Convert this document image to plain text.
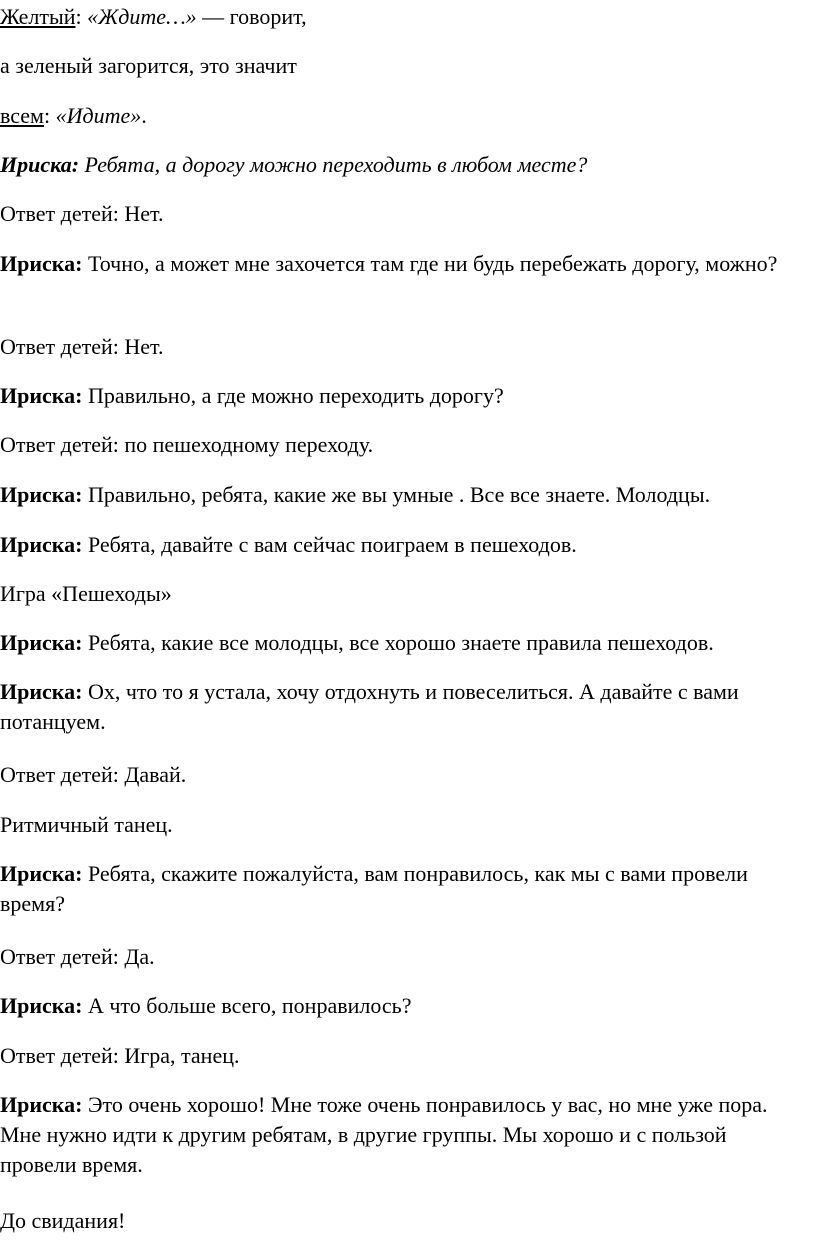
Желтый: «Ждите…» — говорит,

а зеленый загорится, это значит

всем: «Идите».

Ириска: Ребята, а дорогу можно переходить в любом месте?

Ответ детей: Нет.

Ириска: Точно, а может мне захочется там где ни будь перебежать дорогу, можно?

Ответ детей: Нет.

Ириска: Правильно, а где можно переходить дорогу?

Ответ детей: по пешеходному переходу.

Ириска: Правильно, ребята, какие же вы умные . Все все знаете. Молодцы.

Ириска: Ребята, давайте с вам сейчас поиграем в пешеходов.

Игра «Пешеходы»

Ириска: Ребята, какие все молодцы, все хорошо знаете правила пешеходов.

Ириска: Ох, что то я устала, хочу отдохнуть и повеселиться. А давайте с вами потанцуем.

Ответ детей: Давай.

Ритмичный танец.

Ириска: Ребята, скажите пожалуйста, вам понравилось, как мы с вами провели время?

Ответ детей: Да.

Ириска: А что больше всего, понравилось?

Ответ детей: Игра, танец.

Ириска: Это очень хорошо! Мне тоже очень понравилось у вас, но мне уже пора. Мне нужно идти к другим ребятам, в другие группы. Мы хорошо и с пользой провели время.

До свидания!
